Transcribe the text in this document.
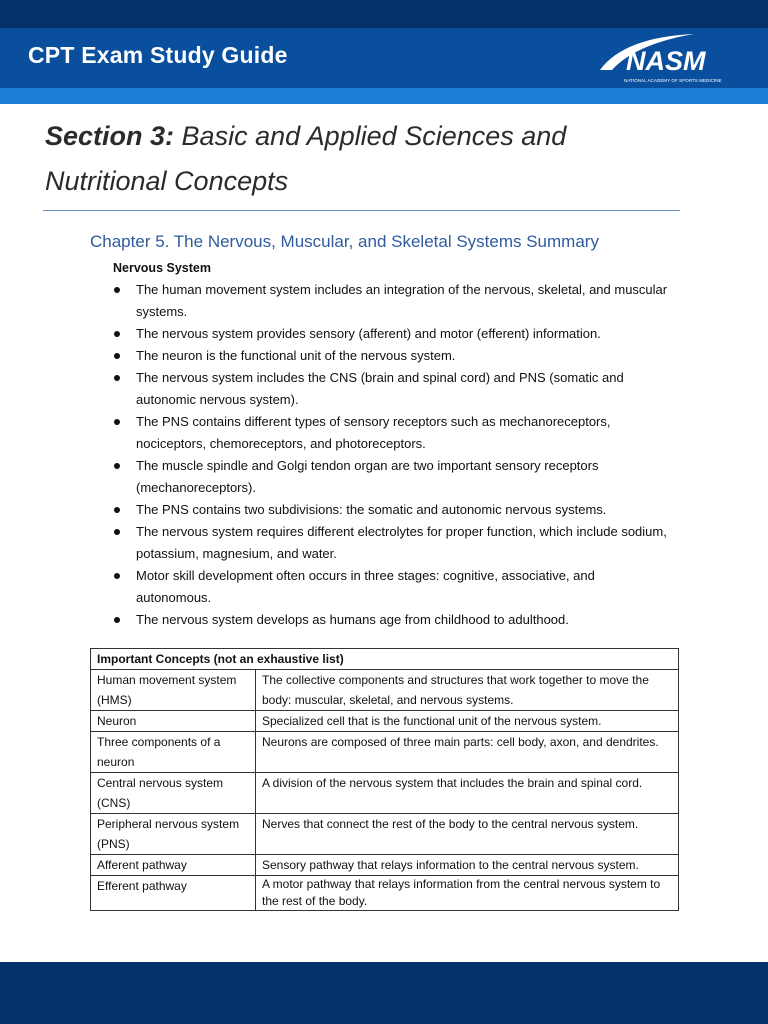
CPT Exam Study Guide	NASM
NATIONAL ACADEMY OF SPORTS MEDICINE
Section 3: Basic and Applied Sciences and Nutritional Concepts
Chapter 5. The Nervous, Muscular, and Skeletal Systems Summary
Nervous System
The human movement system includes an integration of the nervous, skeletal, and muscular systems.
The nervous system provides sensory (afferent) and motor (efferent) information.
The neuron is the functional unit of the nervous system.
The nervous system includes the CNS (brain and spinal cord) and PNS (somatic and autonomic nervous system).
The PNS contains different types of sensory receptors such as mechanoreceptors, nociceptors, chemoreceptors, and photoreceptors.
The muscle spindle and Golgi tendon organ are two important sensory receptors (mechanoreceptors).
The PNS contains two subdivisions: the somatic and autonomic nervous systems.
The nervous system requires different electrolytes for proper function, which include sodium, potassium, magnesium, and water.
Motor skill development often occurs in three stages: cognitive, associative, and autonomous.
The nervous system develops as humans age from childhood to adulthood.
Important Concepts (not an exhaustive list)	
Human movement system (HMS)	The collective components and structures that work together to move the body: muscular, skeletal, and nervous systems.
Neuron	Specialized cell that is the functional unit of the nervous system.
Three components of a neuron	Neurons are composed of three main parts: cell body, axon, and dendrites.
Central nervous system (CNS)	A division of the nervous system that includes the brain and spinal cord.
Peripheral nervous system (PNS)	Nerves that connect the rest of the body to the central nervous system.
Afferent pathway	Sensory pathway that relays information to the central nervous system.
Efferent pathway	A motor pathway that relays information from the central nervous system to the rest of the body.
